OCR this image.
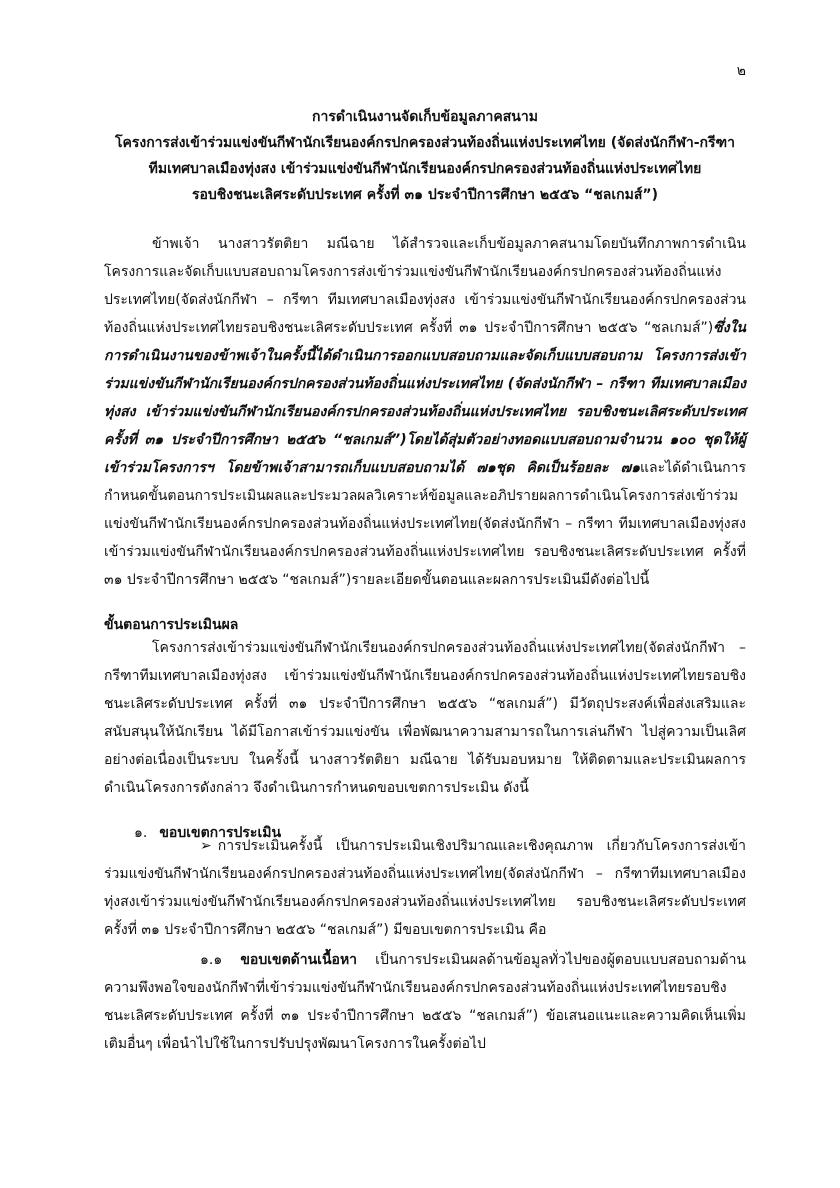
๒
การดำเนินงานจัดเก็บข้อมูลภาคสนาม
โครงการส่งเข้าร่วมแข่งขันกีฬานักเรียนองค์กรปกครองส่วนท้องถิ่นแห่งประเทศไทย (จัดส่งนักกีฬา-กรีฑา
ทีมเทศบาลเมืองทุ่งสง เข้าร่วมแข่งขันกีฬานักเรียนองค์กรปกครองส่วนท้องถิ่นแห่งประเทศไทย
รอบชิงชนะเลิศระดับประเทศ ครั้งที่ ๓๑ ประจำปีการศึกษา ๒๕๕๖ “ชลเกมส์”)
ข้าพเจ้า นางสาวรัตติยา มณีฉาย ได้สำรวจและเก็บข้อมูลภาคสนามโดยบันทึกภาพการดำเนินโครงการและจัดเก็บแบบสอบถามโครงการส่งเข้าร่วมแข่งขันกีฬานักเรียนองค์กรปกครองส่วนท้องถิ่นแห่งประเทศไทย(จัดส่งนักกีฬา – กรีฑา ทีมเทศบาลเมืองทุ่งสง เข้าร่วมแข่งขันกีฬานักเรียนองค์กรปกครองส่วนท้องถิ่นแห่งประเทศไทยรอบชิงชนะเลิศระดับประเทศ ครั้งที่ ๓๑ ประจำปีการศึกษา ๒๕๕๖ “ชลเกมส์”)ซึ่งในการดำเนินงานของข้าพเจ้าในครั้งนี้ได้ดำเนินการออกแบบสอบถามและจัดเก็บแบบสอบถาม โครงการส่งเข้าร่วมแข่งขันกีฬานักเรียนองค์กรปกครองส่วนท้องถิ่นแห่งประเทศไทย (จัดส่งนักกีฬา – กรีฑา ทีมเทศบาลเมืองทุ่งสง เข้าร่วมแข่งขันกีฬานักเรียนองค์กรปกครองส่วนท้องถิ่นแห่งประเทศไทย รอบชิงชนะเลิศระดับประเทศ ครั้งที่ ๓๑ ประจำปีการศึกษา ๒๕๕๖ “ชลเกมส์”)โดยได้สุ่มตัวอย่างทอดแบบสอบถามจำนวน ๑๐๐ ชุดให้ผู้เข้าร่วมโครงการฯ โดยข้าพเจ้าสามารถเก็บแบบสอบถามได้ ๗๑ชุด คิดเป็นร้อยละ ๗๑และได้ดำเนินการกำหนดขั้นตอนการประเมินผลและประมวลผลวิเคราะห์ข้อมูลและอภิปรายผลการดำเนินโครงการส่งเข้าร่วมแข่งขันกีฬานักเรียนองค์กรปกครองส่วนท้องถิ่นแห่งประเทศไทย(จัดส่งนักกีฬา – กรีฑา ทีมเทศบาลเมืองทุ่งสง เข้าร่วมแข่งขันกีฬานักเรียนองค์กรปกครองส่วนท้องถิ่นแห่งประเทศไทย รอบชิงชนะเลิศระดับประเทศ ครั้งที่ ๓๑ ประจำปีการศึกษา ๒๕๕๖ “ชลเกมส์”)รายละเอียดขั้นตอนและผลการประเมินมีดังต่อไปนี้
ขั้นตอนการประเมินผล
โครงการส่งเข้าร่วมแข่งขันกีฬานักเรียนองค์กรปกครองส่วนท้องถิ่นแห่งประเทศไทย(จัดส่งนักกีฬา – กรีฑาทีมเทศบาลเมืองทุ่งสง เข้าร่วมแข่งขันกีฬานักเรียนองค์กรปกครองส่วนท้องถิ่นแห่งประเทศไทยรอบชิงชนะเลิศระดับประเทศ ครั้งที่ ๓๑ ประจำปีการศึกษา ๒๕๕๖ “ชลเกมส์”) มีวัตถุประสงค์เพื่อส่งเสริมและสนับสนุนให้นักเรียน ได้มีโอกาสเข้าร่วมแข่งขัน เพื่อพัฒนาความสามารถในการเล่นกีฬา ไปสู่ความเป็นเลิศอย่างต่อเนื่องเป็นระบบ ในครั้งนี้ นางสาวรัตติยา มณีฉาย ได้รับมอบหมาย ให้ติดตามและประเมินผลการดำเนินโครงการดังกล่าว จึงดำเนินการกำหนดขอบเขตการประเมิน ดังนี้
๑. ขอบเขตการประเมิน
➢ การประเมินครั้งนี้ เป็นการประเมินเชิงปริมาณและเชิงคุณภาพ เกี่ยวกับโครงการส่งเข้าร่วมแข่งขันกีฬานักเรียนองค์กรปกครองส่วนท้องถิ่นแห่งประเทศไทย(จัดส่งนักกีฬา – กรีฑาทีมเทศบาลเมืองทุ่งสงเข้าร่วมแข่งขันกีฬานักเรียนองค์กรปกครองส่วนท้องถิ่นแห่งประเทศไทย รอบชิงชนะเลิศระดับประเทศ ครั้งที่ ๓๑ ประจำปีการศึกษา ๒๕๕๖ “ชลเกมส์”) มีขอบเขตการประเมิน คือ
๑.๑ ขอบเขตด้านเนื้อหา เป็นการประเมินผลด้านข้อมูลทั่วไปของผู้ตอบแบบสอบถามด้านความพึงพอใจของนักกีฬาที่เข้าร่วมแข่งขันกีฬานักเรียนองค์กรปกครองส่วนท้องถิ่นแห่งประเทศไทยรอบชิงชนะเลิศระดับประเทศ ครั้งที่ ๓๑ ประจำปีการศึกษา ๒๕๕๖ “ชลเกมส์”) ข้อเสนอแนะและความคิดเห็นเพิ่มเติมอื่นๆ เพื่อนำไปใช้ในการปรับปรุงพัฒนาโครงการในครั้งต่อไป
